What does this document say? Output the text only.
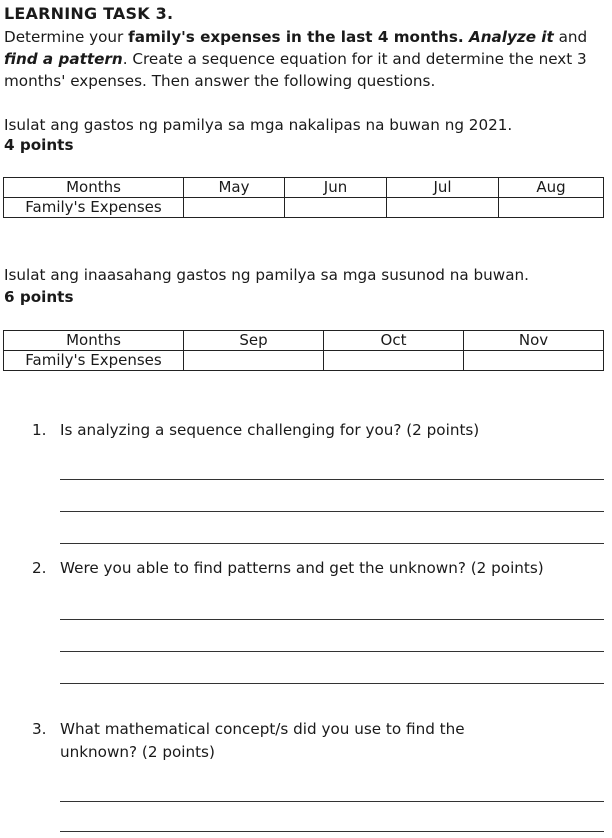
LEARNING TASK 3.
Determine your family's expenses in the last 4 months. Analyze it and find a pattern. Create a sequence equation for it and determine the next 3 months' expenses. Then answer the following questions.
Isulat ang gastos ng pamilya sa mga nakalipas na buwan ng 2021.
4 points
Months	May	Jun	Jul	Aug
Family's Expenses				
Isulat ang inaasahang gastos ng pamilya sa mga susunod na buwan.
6 points
Months	Sep	Oct	Nov
Family's Expenses			
1. Is analyzing a sequence challenging for you? (2 points)
2. Were you able to find patterns and get the unknown? (2 points)
3. What mathematical concept/s did you use to find the
unknown? (2 points)
